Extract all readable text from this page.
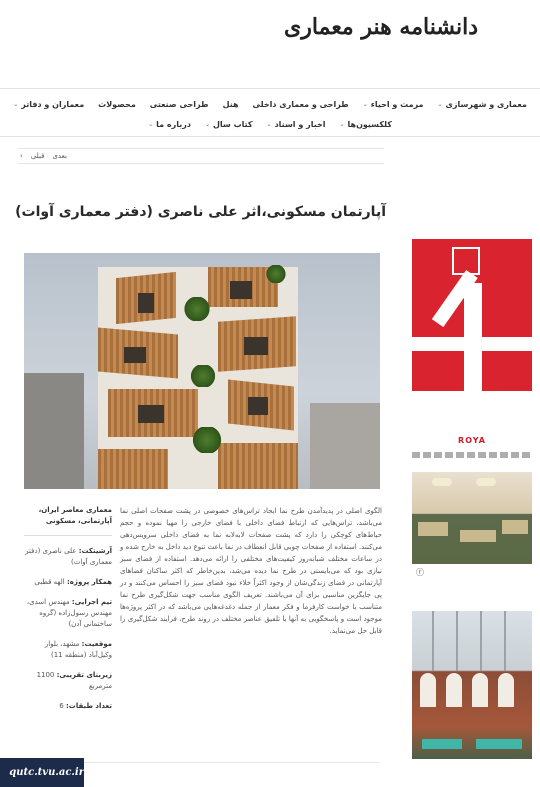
دانشنامه هنر معماری
معماری و شهرسازی
⌄
مرمت و احیاء
⌄
طراحی و معماری داخلی
هنل
طراحی صنعتی
محصولات
معماران و دفاتر
⌄
کلکسیون‌ها
⌄
اخبار و اسناد
⌄
کتاب سال
⌄
درباره ما
⌄
‹ قبلی بعدی
آپارتمان مسکونی،اثر علی ناصری (دفتر معماری آوات)
الگوی اصلی در پدیدآمدن طرح نما ایجاد تراس‌های خصوصی در پشت صفحات اصلی نما می‌باشد، تراس‌هایی که ارتباط فضای داخلی با فضای خارجی را مهیا نموده و حجم حیاط‌های کوچکی را دارد که پشت صفحات لابه‌لابه نما به فضای داخلی سرویس‌دهی می‌کنند. استفاده از صفحات چوبی قابل انعطاف در نما باعث تنوع دید داخل به خارج شده و در ساعات مختلف شبانه‌روز کیفیت‌های مختلفی را ارائه می‌دهد. استفاده از فضای سبز نیازی بود که می‌بایستی در طرح نما دیده می‌شد، بدین‌خاطر که اکثر ساکنان فضاهای آپارتمانی در فضای زندگی‌شان از وجود اکثراً خلاء نبود فضای سبز را احساس می‌کنند و در پی جایگزین مناسبی برای آن می‌باشند. تعریف الگوی مناسب جهت شکل‌گیری طرح نما متناسب با خواست کارفرما و فکر معمار از جمله دغدغه‌هایی می‌باشد که در اکثر پروژه‌ها موجود است و پاسخگویی به آنها با تلفیق عناصر مختلف در روند طرح، فرایند شکل‌گیری را قابل حل می‌نماید.
معماری معاصر ایران، آپارتمانی، مسکونی
آرشیتکت: علی ناصری (دفتر معماری آوات)
همکار پروژه: الهه قطبی
تیم اجرایی: مهندس اسدی، مهندس رسول‌زاده (گروه ساختمانی آدن)
موقعیت: مشهد، بلوار وکیل‌آباد (منطقه 11)
زیربنای تقریبی: 1100 مترمربع
تعداد طبقات: 6
ROYA
ⓡ
qutc.tvu.ac.ir
